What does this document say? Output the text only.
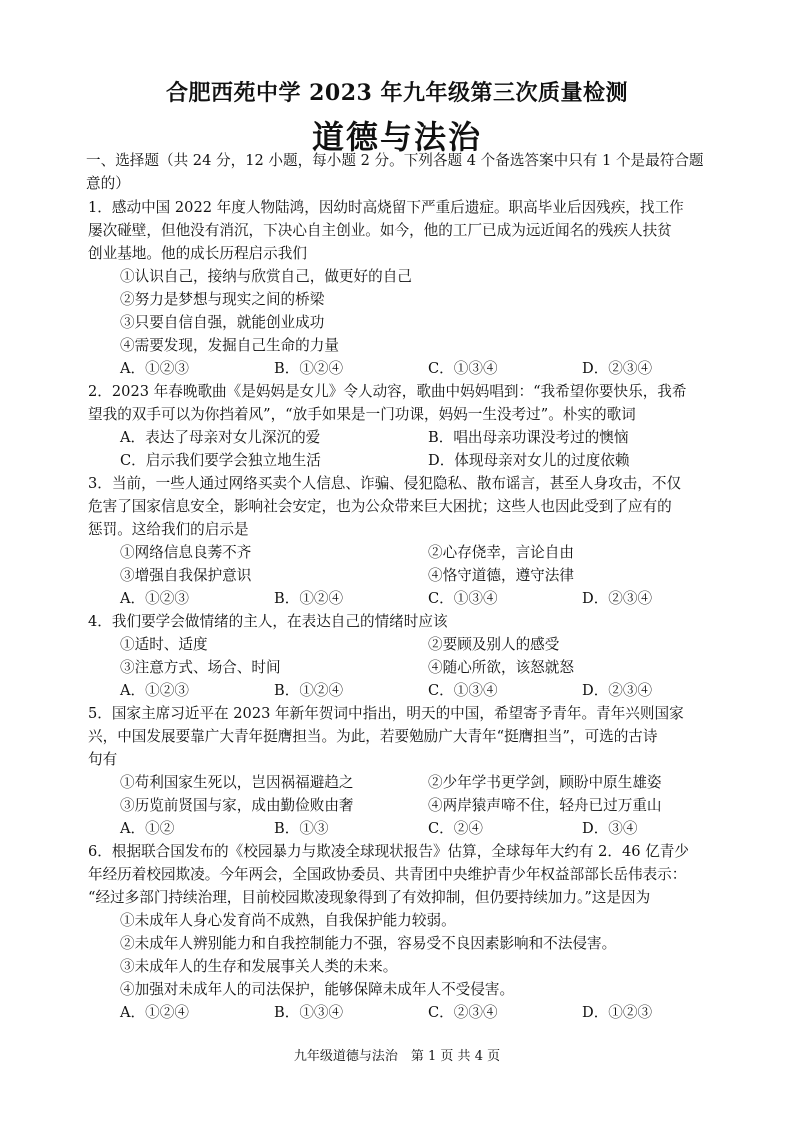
合肥西苑中学 2023 年九年级第三次质量检测
道德与法治
一、选择题（共 24 分，12 小题，每小题 2 分。下列各题 4 个备选答案中只有 1 个是最符合题
意的）
1．感动中国 2022 年度人物陆鸿，因幼时高烧留下严重后遗症。职高毕业后因残疾，找工作
屡次碰壁，但他没有消沉，下决心自主创业。如今，他的工厂已成为远近闻名的残疾人扶贫
创业基地。他的成长历程启示我们
①认识自己，接纳与欣赏自己，做更好的自己
②努力是梦想与现实之间的桥梁
③只要自信自强，就能创业成功
④需要发现，发掘自己生命的力量
A．①②③	B．①②④	C．①③④	D．②③④
2．2023 年春晚歌曲《是妈妈是女儿》令人动容，歌曲中妈妈唱到：“我希望你要快乐，我希
望我的双手可以为你挡着风”，“放手如果是一门功课，妈妈一生没考过”。朴实的歌词
A．表达了母亲对女儿深沉的爱	B．唱出母亲功课没考过的懊恼
C．启示我们要学会独立地生活	D．体现母亲对女儿的过度依赖
3．当前，一些人通过网络买卖个人信息、诈骗、侵犯隐私、散布谣言，甚至人身攻击，不仅
危害了国家信息安全，影响社会安定，也为公众带来巨大困扰；这些人也因此受到了应有的
惩罚。这给我们的启示是
①网络信息良莠不齐	②心存侥幸，言论自由
③增强自我保护意识	④恪守道德，遵守法律
A．①②③	B．①②④	C．①③④	D．②③④
4．我们要学会做情绪的主人，在表达自己的情绪时应该
①适时、适度	②要顾及别人的感受
③注意方式、场合、时间	④随心所欲，该怒就怒
A．①②③	B．①②④	C．①③④	D．②③④
5．国家主席习近平在 2023 年新年贺词中指出，明天的中国，希望寄予青年。青年兴则国家
兴，中国发展要靠广大青年挺膺担当。为此，若要勉励广大青年“挺膺担当”，可选的古诗
句有
①苟利国家生死以，岂因祸福避趋之	②少年学书更学剑，顾盼中原生雄姿
③历览前贤国与家，成由勤俭败由奢	④两岸猿声啼不住，轻舟已过万重山
A．①②	B．①③	C．②④	D．③④
6．根据联合国发布的《校园暴力与欺凌全球现状报告》估算，全球每年大约有 2．46 亿青少
年经历着校园欺凌。今年两会，全国政协委员、共青团中央维护青少年权益部部长岳伟表示：
“经过多部门持续治理，目前校园欺凌现象得到了有效抑制，但仍要持续加力。”这是因为
①未成年人身心发育尚不成熟，自我保护能力较弱。
②未成年人辨别能力和自我控制能力不强，容易受不良因素影响和不法侵害。
③未成年人的生存和发展事关人类的未来。
④加强对未成年人的司法保护，能够保障未成年人不受侵害。
A．①②④	B．①③④	C．②③④	D．①②③
九年级道德与法治　第 1 页 共 4 页
